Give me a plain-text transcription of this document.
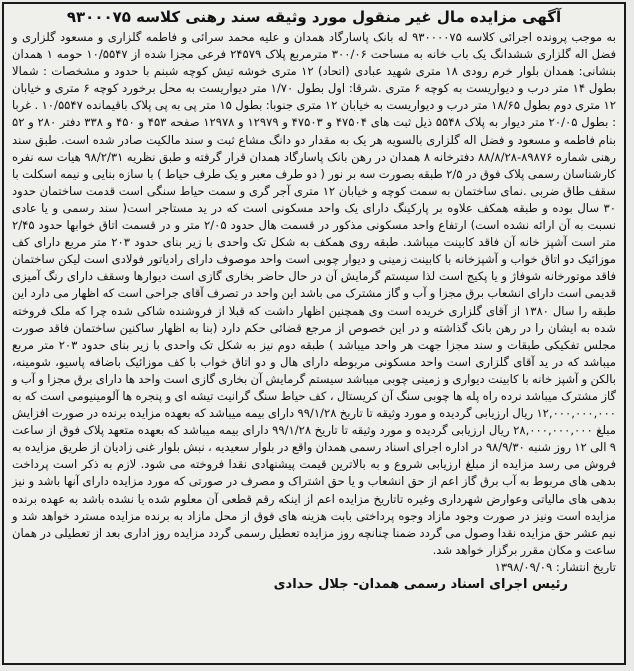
آگهی مزایده مال غیر منقول مورد وثیقه سند رهنی کلاسه ۹۳۰۰۰۷۵
به موجب پرونده اجرائی کلاسه ۹۳۰۰۰۰۷۵ له بانک پاسارگاد همدان و علیه محمد سرائی و فاطمه گلزاری و مسعود گلزاری و فضل اله گلزاری ششدانگ یک باب خانه به مساحت ۳۰۰/۰۶ مترمربع پلاک ۲۴۵۷۹ فرعی مجزا شده از ۱۰/۵۵۴۷ حومه ۱ همدان بنشانی: همدان بلوار خرم رودی ۱۸ متری شهید عبادی (اتحاد) ۱۲ متری خوشه تیش کوچه شبنم با حدود و مشخصات : شمالا بطول ۱۴ متر درب و دیواریست به کوچه ۶ متری .شرقا: اول بطول ۱/۷۰ متر دیواریست به محل برخورد کوچه ۶ متری و خیابان ۱۲ متری دوم بطول ۱۸/۶۵ متر درب و دیواریست به خیابان ۱۲ متری جنوبا: بطول ۱۵ متر پی به پی پلاک باقیمانده ۱۰/۵۵۴۷ . غربا : بطول ۲۰/۰۵ متر دیوار به پلاک ۵۵۴۸ ذیل ثبت های ۴۷۵۰۴ و ۴۷۵۰۳ و ۱۲۹۷۹ و ۱۲۹۷۸ صفحه ۴۵۳ و ۴۵۰ و ۳۳۸ دفتر ۲۸۰ و ۵۲ بنام فاطمه و مسعود و فضل اله گلزاری بالسویه هر یک به مقدار دو دانگ مشاع ثبت و سند مالکیت صادر شده است. طبق سند رهنی شماره ۸۹۸۷۶-۸۸/۸/۲۸ دفترخانه ۸ همدان در رهن بانک پاسارگاد همدان قرار گرفته و طبق نظریه ۹۸/۲/۳۱ هیات سه نفره کارشناسان رسمی پلاک فوق در ۲/۵ طبقه بصورت سه بر نور ( دو طرف معبر و یک طرف حیاط ) با سازه بنایی و نیمه اسکلت با سقف طاق ضربی .نمای ساختمان به سمت کوچه و خیابان ۱۲ متری آجر گری و سمت حیاط سنگی است قدمت ساختمان حدود ۳۰ سال بوده و طبقه همکف علاوه بر پارکینگ دارای یک واحد مسکونی است که در ید مستاجر است( سند رسمی و یا عادی نسبت به آن ارائه نشده است) ارتفاع واحد مسکونی مذکور در قسمت هال حدود ۲/۰۵ متر و در قسمت اتاق خوابها حدود ۲/۴۵ متر است آشپز خانه آن فاقد کابینت میباشد. طبقه روی همکف به شکل تک واحدی با زیر بنای حدود ۲۰۳ متر مربع دارای کف موزائیک دو اتاق خواب و آشپزخانه با کابینت زمینی و دیوار چوبی است واحد موصوف دارای رادیاتور فولادی است لیکن ساختمان فاقد موتورخانه شوفاژ و یا پکیج است لذا سیستم گرمایش آن در حال حاضر بخاری گازی است دیوارها وسقف دارای رنگ آمیزی قدیمی است دارای انشعاب برق مجزا و آب و گاز مشترک می باشد این واحد در تصرف آقای جراحی است که اظهار می دارد این طبقه را سال ۱۳۸۰ از آقای گلزاری خریده است وی همچنین اظهار داشت که قبلا از فروشنده شاکی شده چرا که ملک فروخته شده به ایشان را در رهن بانک گذاشته و در این خصوص از مرجع قضائی حکم دارد (بنا به اظهار ساکنین ساختمان فاقد صورت مجلس تفکیکی طبقات و سند مجزا جهت هر واحد میباشد ) طبقه دوم نیز به شکل تک واحدی با زیر بنای حدود ۲۰۳ متر مربع میباشد که در ید آقای گلزاری است واحد مسکونی مربوطه دارای هال و دو اتاق خواب با کف موزائیک باضافه پاسیو، شومینه، بالکن و آشپز خانه با کابینت دیواری و زمینی چوبی میباشد سیستم گرمایش آن بخاری گازی است واحد ها دارای برق مجزا و آب و گاز مشترک میباشد نرده راه پله ها چوبی سنگ آن کریستال ، کف حیاط سنگ گرانیت تیشه ای و پنجره ها آلومینیومی است که به ۱۲,۰۰۰,۰۰۰,۰۰۰ ریال ارزیابی گردیده و مورد وثیقه تا تاریخ ۹۹/۱/۲۸ دارای بیمه میباشد که بعهده مزایده برنده در صورت افزایش مبلغ ۲۸,۰۰۰,۰۰۰,۰۰۰ ریال ارزیابی گردیده و مورد وثیقه تا تاریخ ۹۹/۱/۲۸ دارای بیمه میباشد که بعهده متعهد پلاک فوق از ساعت ۹ الی ۱۲ روز شنبه ۹۸/۹/۳۰ در اداره اجرای اسناد رسمی همدان واقع در بلوار سعیدیه ، نبش بلوار غنی زادیان از طریق مزایده به فروش می رسد مزایده از مبلغ ارزیابی شروع و به بالاترین قیمت پیشنهادی نقدا فروخته می شود. لازم به ذکر است پرداخت بدهی های مربوط به آب برق گاز اعم از حق انشعاب و یا حق اشتراک و مصرف در صورتی که مورد مزایده دارای آنها باشد و نیز بدهی های مالیاتی وعوارض شهرداری وغیره تاتاریخ مزایده اعم از اینکه رقم قطعی آن معلوم شده یا نشده باشد به عهده برنده مزایده است ونیز در صورت وجود مازاد وجوه پرداختی بابت هزینه های فوق از محل مازاد به برنده مزایده مسترد خواهد شد و نیم عشر حق مزایده نقدا وصول می گردد ضمنا چنانچه روز مزایده تعطیل رسمی گردد مزایده روز اداری بعد از تعطیلی در همان ساعت و مکان مقرر برگزار خواهد شد.
تاریخ انتشار: ۱۳۹۸/۰۹/۰۹
رئیس اجرای اسناد رسمی همدان- جلال حدادی
